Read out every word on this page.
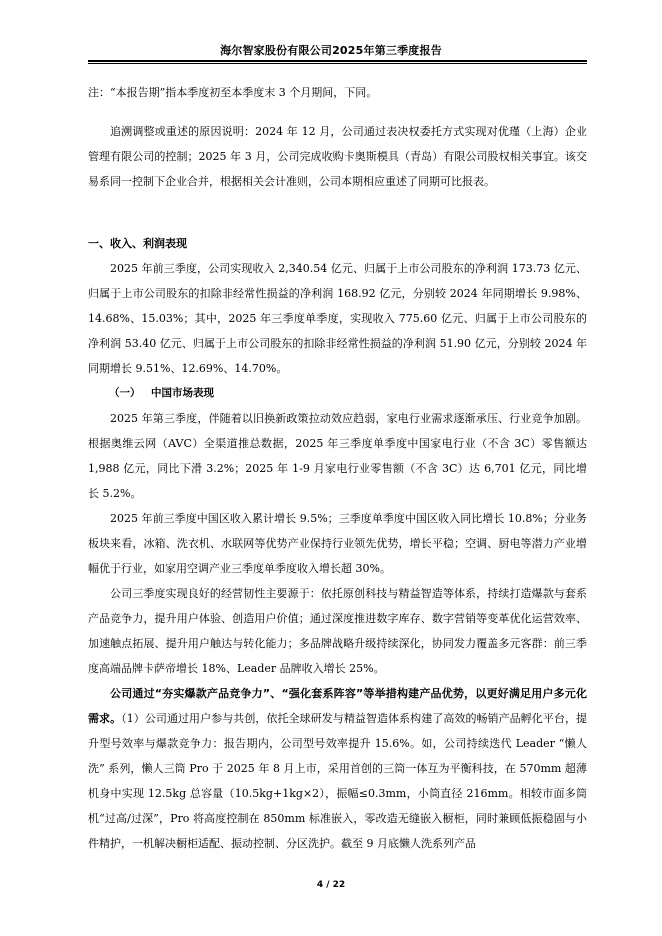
海尔智家股份有限公司2025年第三季度报告

注：“本报告期”指本季度初至本季度末 3 个月期间，下同。

追溯调整或重述的原因说明：2024 年 12 月，公司通过表决权委托方式实现对优瑾（上海）企业管理有限公司的控制；2025 年 3 月，公司完成收购卡奥斯模具（青岛）有限公司股权相关事宜。该交易系同一控制下企业合并，根据相关会计准则，公司本期相应重述了同期可比报表。

一、收入、利润表现

2025 年前三季度，公司实现收入 2,340.54 亿元、归属于上市公司股东的净利润 173.73 亿元、归属于上市公司股东的扣除非经常性损益的净利润 168.92 亿元，分别较 2024 年同期增长 9.98%、14.68%、15.03%；其中，2025 年三季度单季度，实现收入 775.60 亿元、归属于上市公司股东的净利润 53.40 亿元、归属于上市公司股东的扣除非经常性损益的净利润 51.90 亿元，分别较 2024 年同期增长 9.51%、12.69%、14.70%。

（一） 中国市场表现

2025 年第三季度，伴随着以旧换新政策拉动效应趋弱，家电行业需求逐渐承压、行业竞争加剧。根据奥维云网（AVC）全渠道推总数据，2025 年三季度单季度中国家电行业（不含 3C）零售额达 1,988 亿元，同比下滑 3.2%；2025 年 1-9 月家电行业零售额（不含 3C）达 6,701 亿元，同比增长 5.2%。

2025 年前三季度中国区收入累计增长 9.5%；三季度单季度中国区收入同比增长 10.8%；分业务板块来看，冰箱、洗衣机、水联网等优势产业保持行业领先优势，增长平稳；空调、厨电等潜力产业增幅优于行业，如家用空调产业三季度单季度收入增长超 30%。

公司三季度实现良好的经营韧性主要源于：依托原创科技与精益智造等体系，持续打造爆款与套系产品竞争力，提升用户体验、创造用户价值；通过深度推进数字库存、数字营销等变革优化运营效率、加速触点拓展、提升用户触达与转化能力；多品牌战略升级持续深化，协同发力覆盖多元客群：前三季度高端品牌卡萨帝增长 18%、Leader 品牌收入增长 25%。

公司通过“夯实爆款产品竞争力”、“强化套系阵容”等举措构建产品优势，以更好满足用户多元化需求。（1）公司通过用户参与共创，依托全球研发与精益智造体系构建了高效的畅销产品孵化平台，提升型号效率与爆款竞争力：报告期内，公司型号效率提升 15.6%。如，公司持续迭代 Leader “懒人洗” 系列，懒人三筒 Pro 于 2025 年 8 月上市，采用首创的三筒一体互为平衡科技，在 570mm 超薄机身中实现 12.5kg 总容量（10.5kg+1kg×2），振幅≤0.3mm，小筒直径 216mm。相较市面多筒机“过高/过深”，Pro 将高度控制在 850mm 标准嵌入，零改造无缝嵌入橱柜，同时兼顾低振稳固与小件精护，一机解决橱柜适配、振动控制、分区洗护。截至 9 月底懒人洗系列产品

4 / 22
